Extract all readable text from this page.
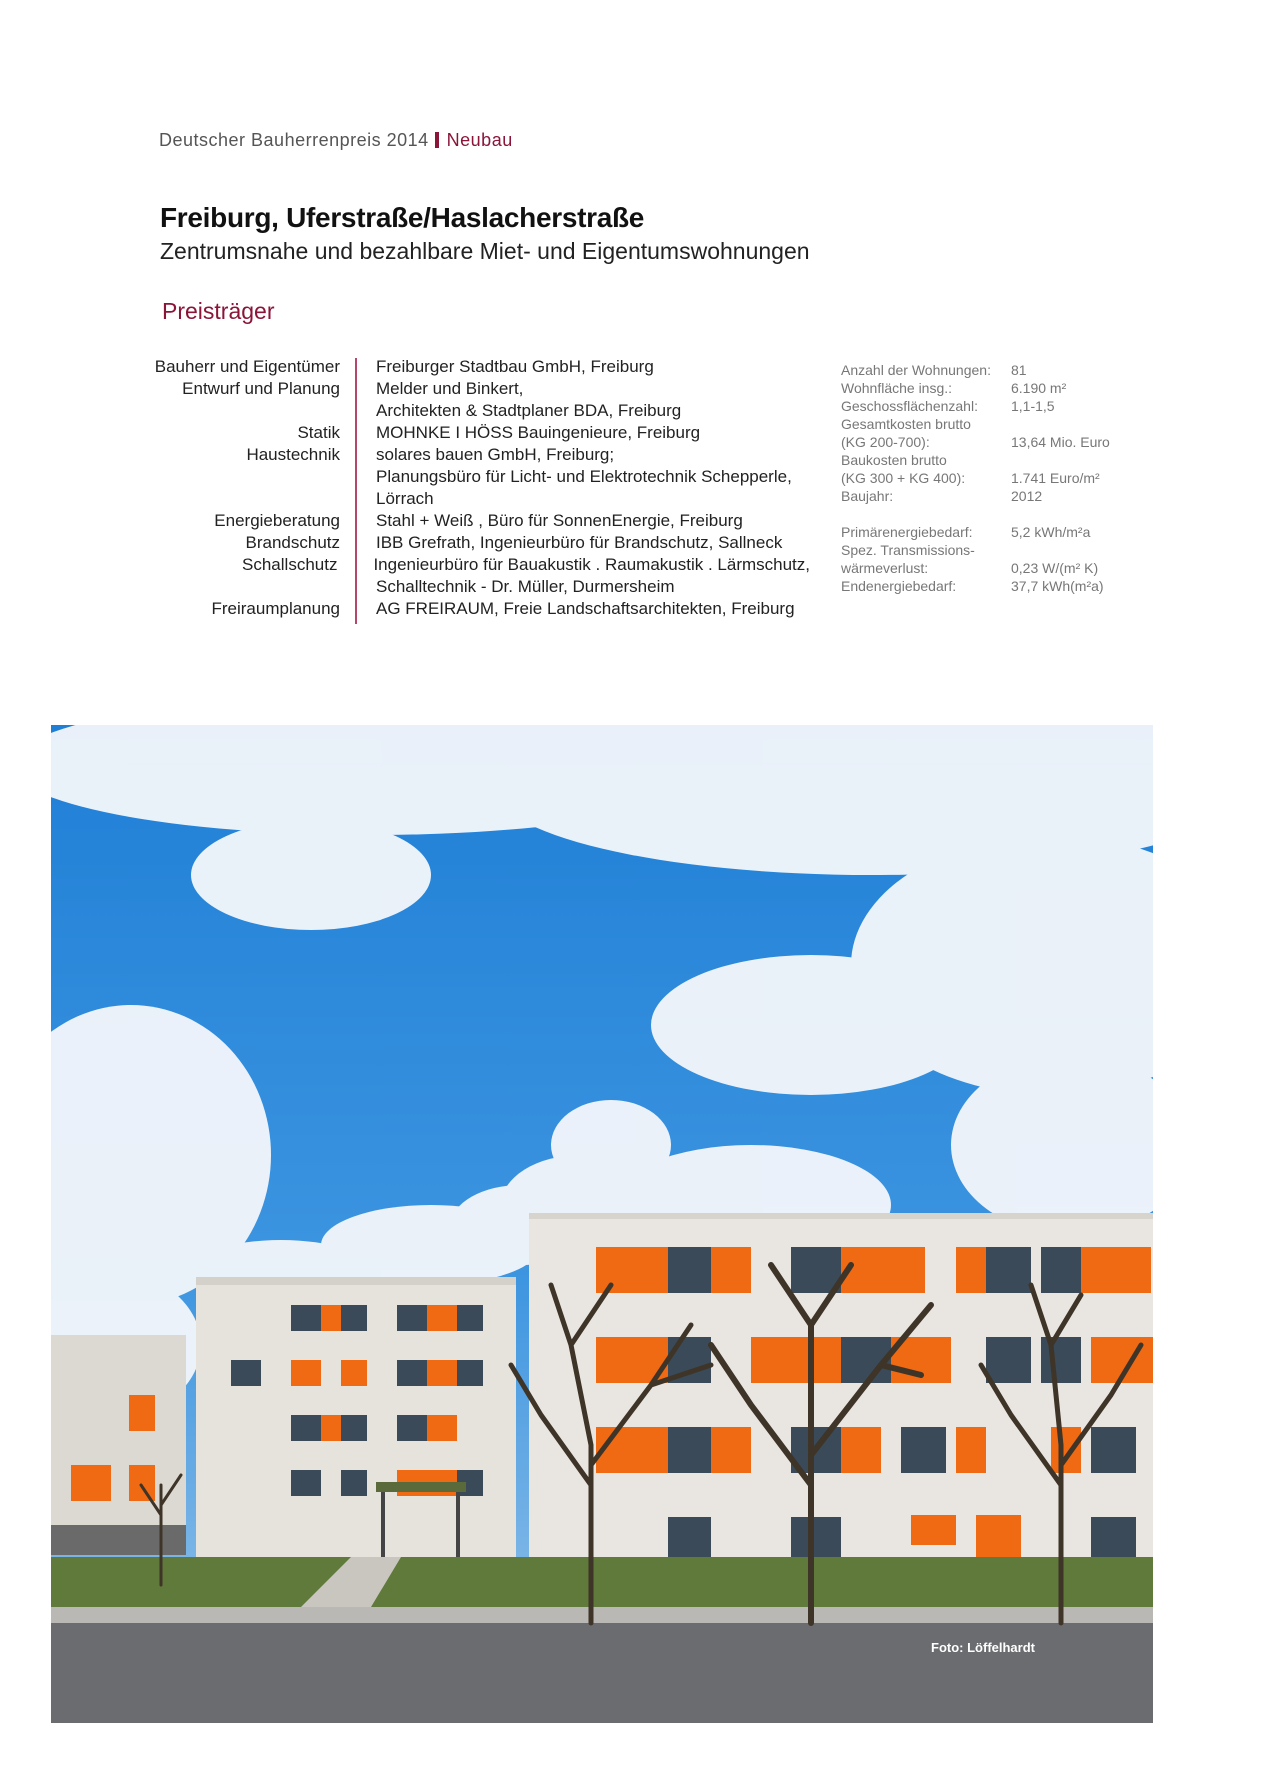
Deutscher Bauherrenpreis 2014 Neubau
Freiburg, Uferstraße/Haslacherstraße
Zentrumsnahe und bezahlbare Miet- und Eigentumswohnungen
Preisträger
Bauherr und Eigentümer	Freiburger Stadtbau GmbH, Freiburg
Entwurf und Planung	Melder und Binkert,
Architekten & Stadtplaner BDA, Freiburg
Statik	MOHNKE I HÖSS Bauingenieure, Freiburg
Haustechnik	solares bauen GmbH, Freiburg;
Planungsbüro für Licht- und Elektrotechnik Schepperle,
Lörrach
Energieberatung	Stahl + Weiß , Büro für SonnenEnergie, Freiburg
Brandschutz	IBB Grefrath, Ingenieurbüro für Brandschutz, Sallneck
Schallschutz	Ingenieurbüro für Bauakustik . Raumakustik . Lärmschutz,
Schalltechnik - Dr. Müller, Durmersheim
Freiraumplanung	AG FREIRAUM, Freie Landschaftsarchitekten, Freiburg
Anzahl der Wohnungen:	81
Wohnfläche insg.:	6.190 m²
Geschossflächenzahl:	1,1-1,5
Gesamtkosten brutto
(KG 200-700):	13,64 Mio. Euro
Baukosten brutto
(KG 300 + KG 400):	1.741 Euro/m²
Baujahr:	2012
Primärenergiebedarf:	5,2 kWh/m²a
Spez. Transmissions-
wärmeverlust:	0,23 W/(m² K)
Endenergiebedarf:	37,7 kWh(m²a)
Foto: Löffelhardt
